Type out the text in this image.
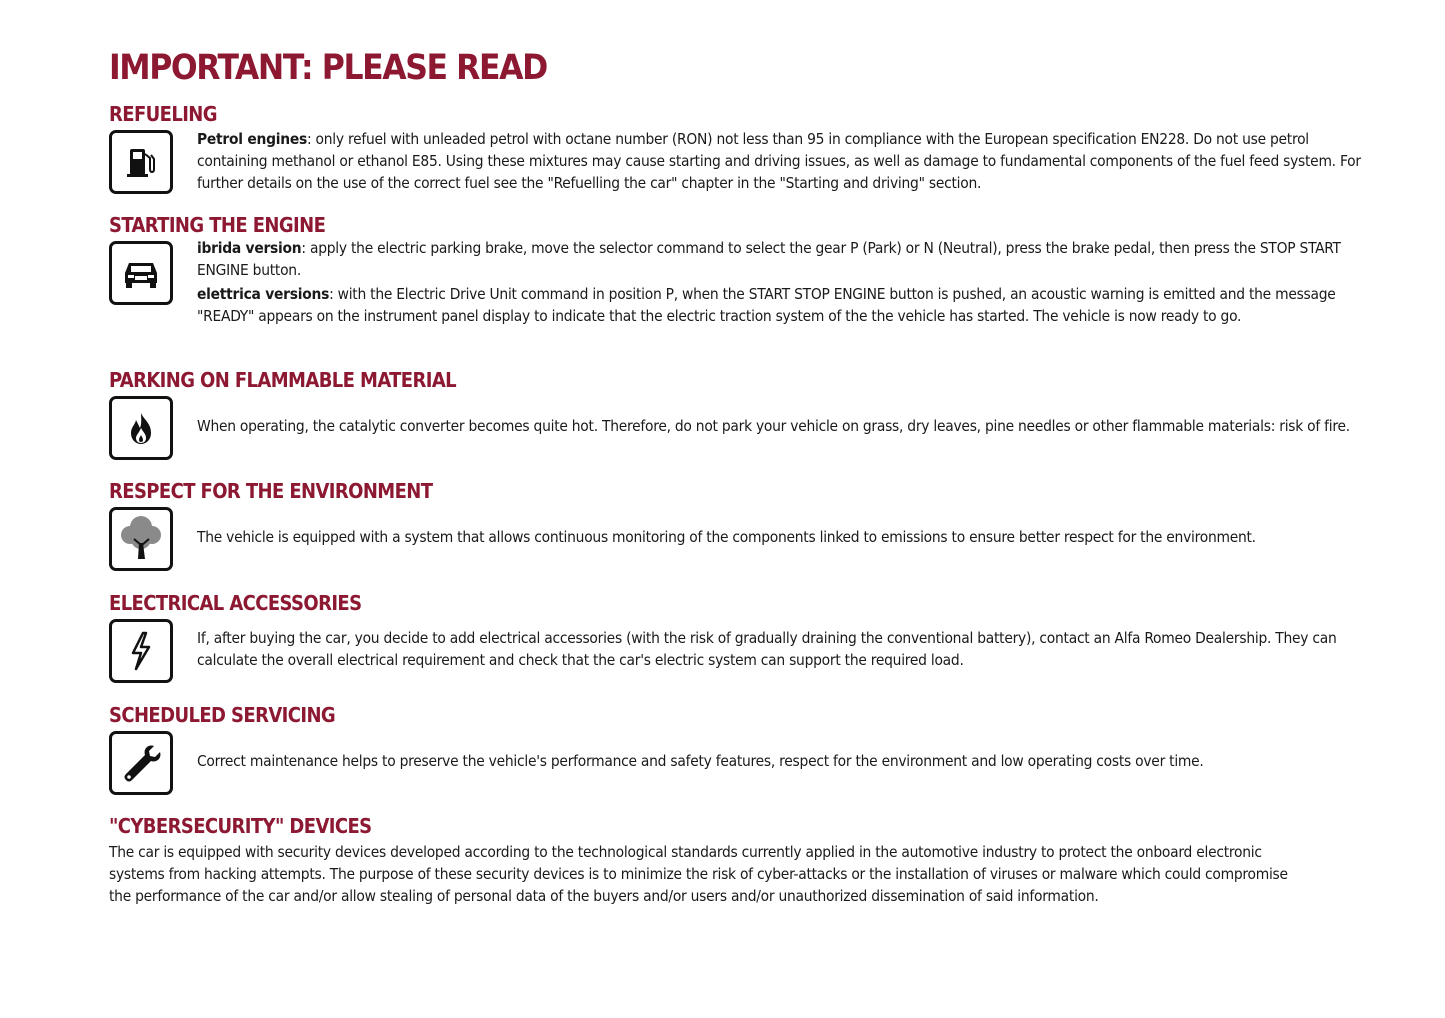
IMPORTANT: PLEASE READ
REFUELING

Petrol engines: only refuel with unleaded petrol with octane number (RON) not less than 95 in compliance with the European specification EN228. Do not use petrol containing methanol or ethanol E85. Using these mixtures may cause starting and driving issues, as well as damage to fundamental components of the fuel feed system. For further details on the use of the correct fuel see the "Refuelling the car" chapter in the "Starting and driving" section.

STARTING THE ENGINE

ibrida version: apply the electric parking brake, move the selector command to select the gear P (Park) or N (Neutral), press the brake pedal, then press the STOP START ENGINE button.

elettrica versions: with the Electric Drive Unit command in position P, when the START STOP ENGINE button is pushed, an acoustic warning is emitted and the message "READY" appears on the instrument panel display to indicate that the electric traction system of the the vehicle has started. The vehicle is now ready to go.

PARKING ON FLAMMABLE MATERIAL

When operating, the catalytic converter becomes quite hot. Therefore, do not park your vehicle on grass, dry leaves, pine needles or other flammable materials: risk of fire.

RESPECT FOR THE ENVIRONMENT

The vehicle is equipped with a system that allows continuous monitoring of the components linked to emissions to ensure better respect for the environment.

ELECTRICAL ACCESSORIES

If, after buying the car, you decide to add electrical accessories (with the risk of gradually draining the conventional battery), contact an Alfa Romeo Dealership. They can calculate the overall electrical requirement and check that the car's electric system can support the required load.

SCHEDULED SERVICING

Correct maintenance helps to preserve the vehicle's performance and safety features, respect for the environment and low operating costs over time.

"CYBERSECURITY" DEVICES

The car is equipped with security devices developed according to the technological standards currently applied in the automotive industry to protect the onboard electronic systems from hacking attempts. The purpose of these security devices is to minimize the risk of cyber-attacks or the installation of viruses or malware which could compromise the performance of the car and/or allow stealing of personal data of the buyers and/or users and/or unauthorized dissemination of said information.
